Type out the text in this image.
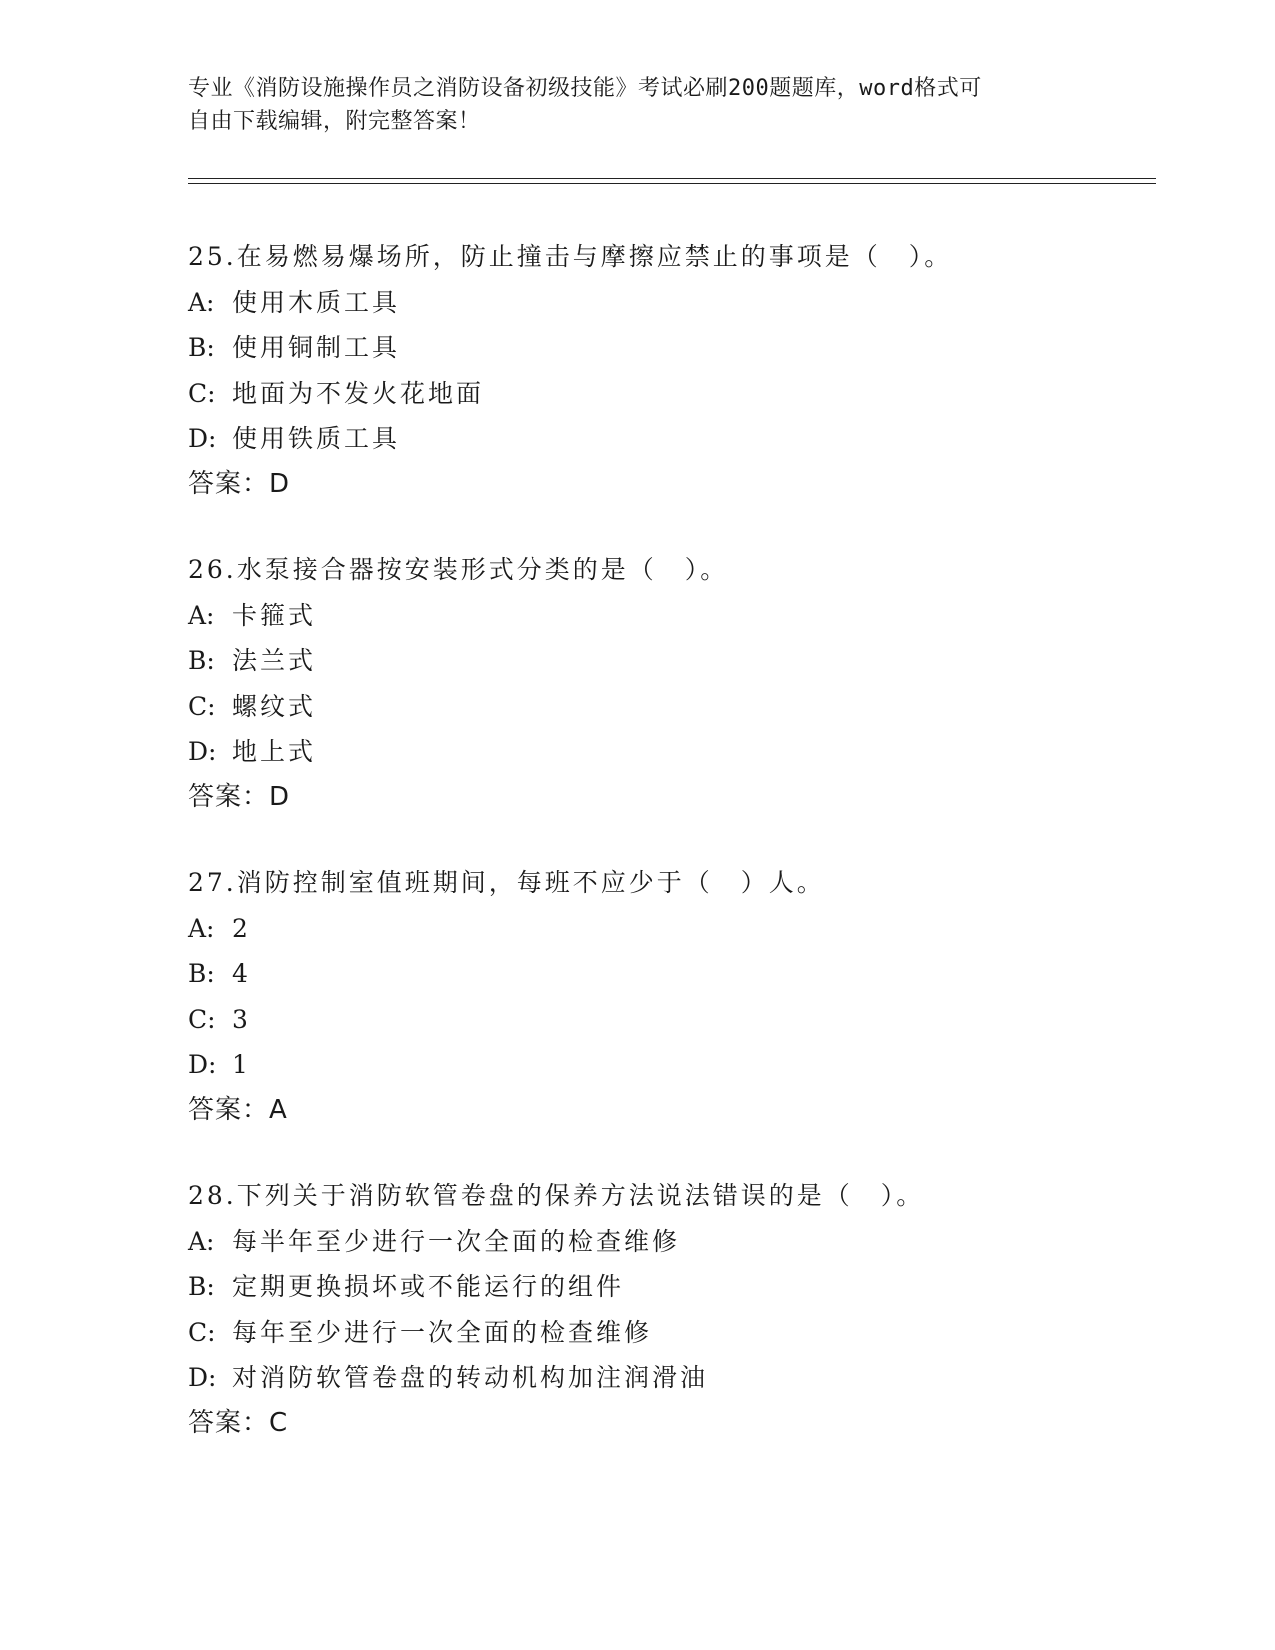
专业《消防设施操作员之消防设备初级技能》考试必刷200题题库，word格式可
自由下载编辑，附完整答案！
25.在易燃易爆场所，防止撞击与摩擦应禁止的事项是（　）。
A: 使用木质工具
B: 使用铜制工具
C: 地面为不发火花地面
D: 使用铁质工具
答案：D
26.水泵接合器按安装形式分类的是（　）。
A: 卡箍式
B: 法兰式
C: 螺纹式
D: 地上式
答案：D
27.消防控制室值班期间，每班不应少于（　）人。
A: 2
B: 4
C: 3
D: 1
答案：A
28.下列关于消防软管卷盘的保养方法说法错误的是（　）。
A: 每半年至少进行一次全面的检查维修
B: 定期更换损坏或不能运行的组件
C: 每年至少进行一次全面的检查维修
D: 对消防软管卷盘的转动机构加注润滑油
答案：C
